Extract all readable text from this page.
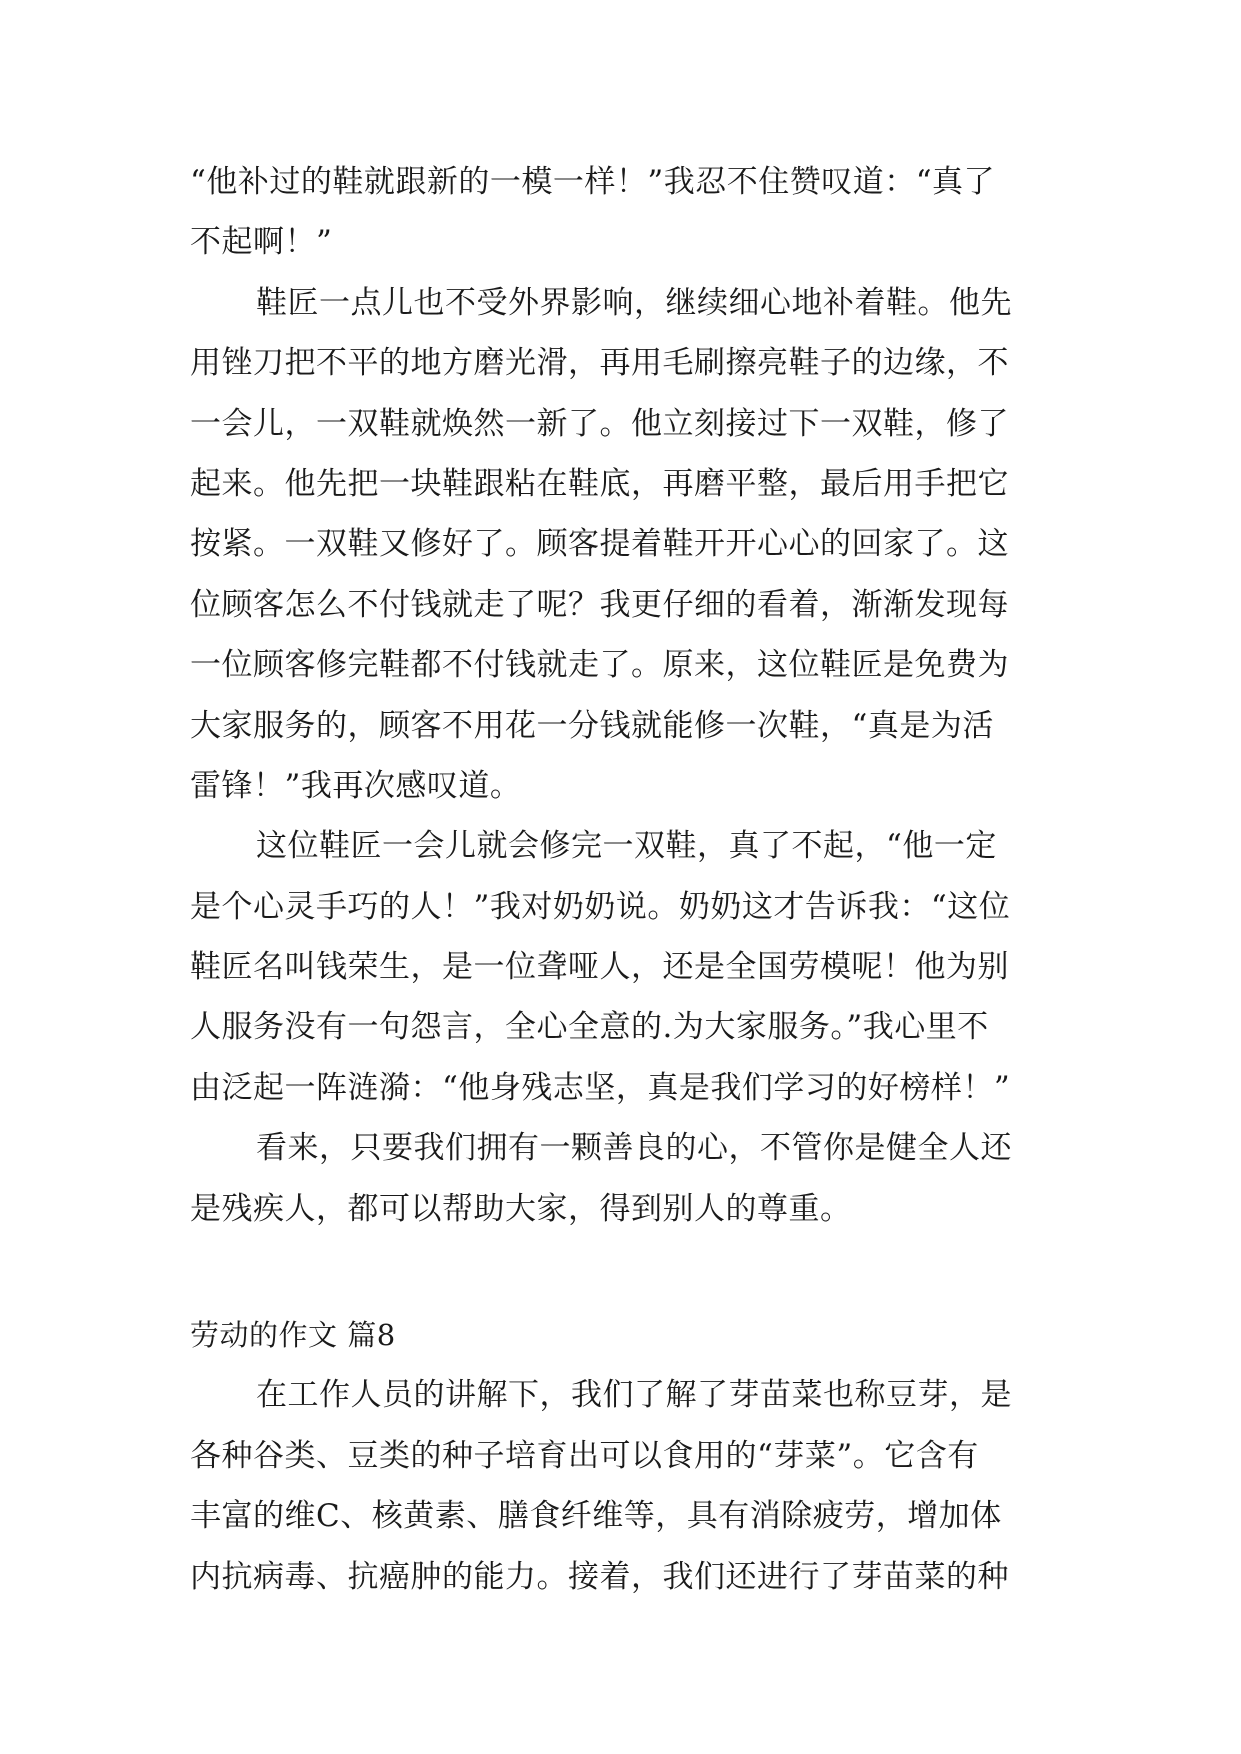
“他补过的鞋就跟新的一模一样！”我忍不住赞叹道：“真了
不起啊！”
鞋匠一点儿也不受外界影响，继续细心地补着鞋。他先
用锉刀把不平的地方磨光滑，再用毛刷擦亮鞋子的边缘，不
一会儿，一双鞋就焕然一新了。他立刻接过下一双鞋，修了
起来。他先把一块鞋跟粘在鞋底，再磨平整，最后用手把它
按紧。一双鞋又修好了。顾客提着鞋开开心心的回家了。这
位顾客怎么不付钱就走了呢？我更仔细的看着，渐渐发现每
一位顾客修完鞋都不付钱就走了。原来，这位鞋匠是免费为
大家服务的，顾客不用花一分钱就能修一次鞋，“真是为活
雷锋！”我再次感叹道。
这位鞋匠一会儿就会修完一双鞋，真了不起，“他一定
是个心灵手巧的人！”我对奶奶说。奶奶这才告诉我：“这位
鞋匠名叫钱荣生，是一位聋哑人，还是全国劳模呢！他为别
人服务没有一句怨言，全心全意的.为大家服务。”我心里不
由泛起一阵涟漪：“他身残志坚，真是我们学习的好榜样！”
看来，只要我们拥有一颗善良的心，不管你是健全人还
是残疾人，都可以帮助大家，得到别人的尊重。
劳动的作文 篇8
在工作人员的讲解下，我们了解了芽苗菜也称豆芽，是
各种谷类、豆类的种子培育出可以食用的“芽菜”。它含有
丰富的维C、核黄素、膳食纤维等，具有消除疲劳，增加体
内抗病毒、抗癌肿的能力。接着，我们还进行了芽苗菜的种
